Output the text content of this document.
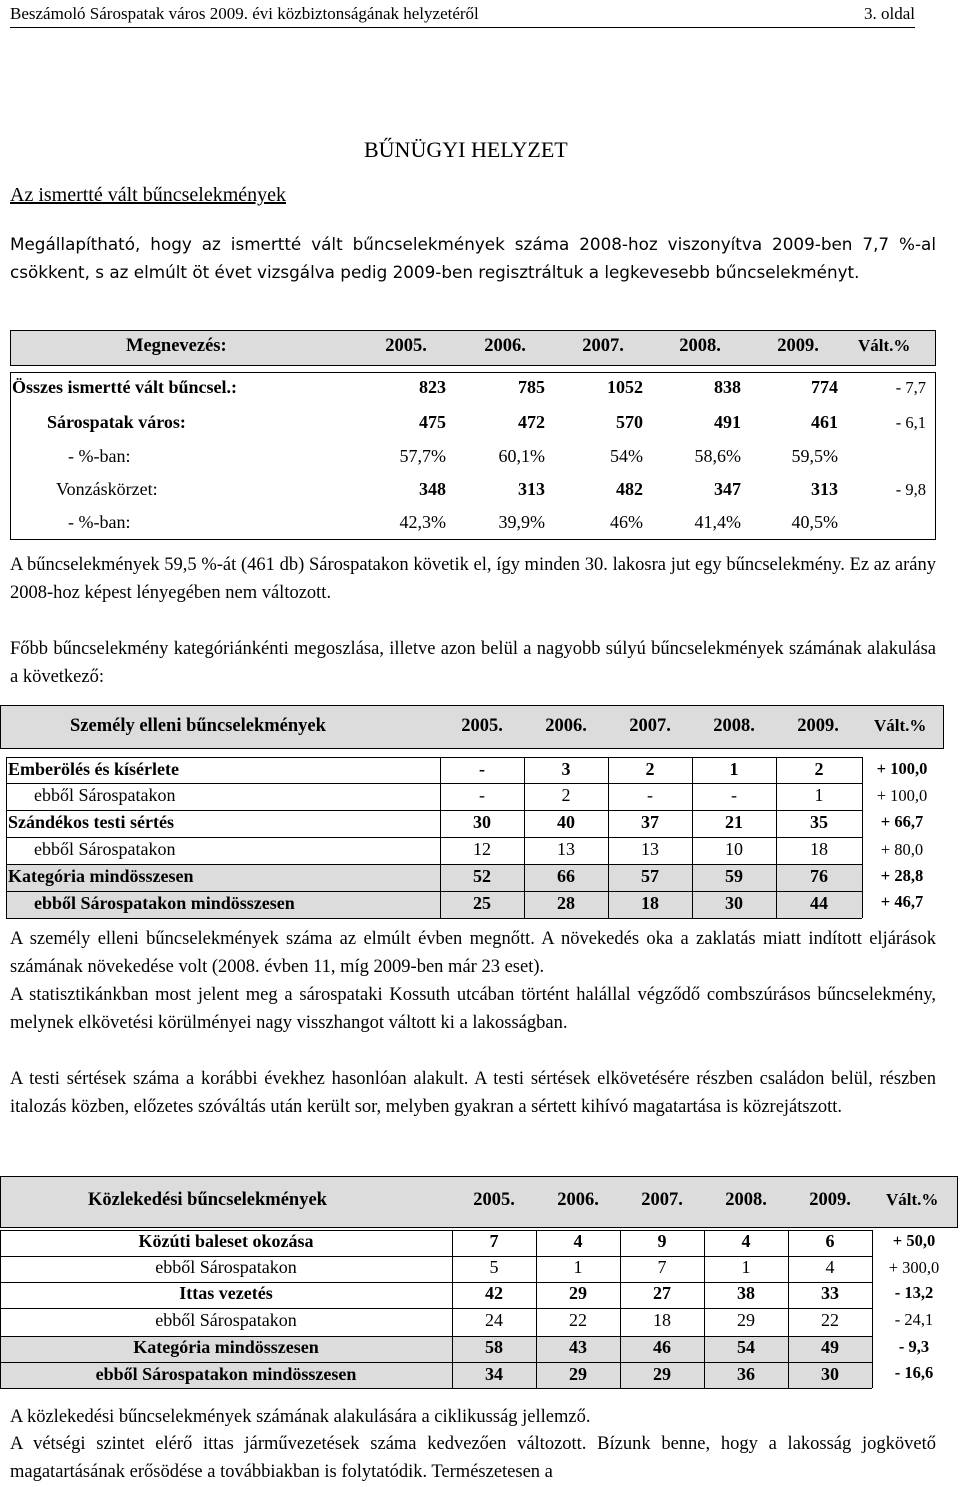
Beszámoló Sárospatak város 2009. évi közbiztonságának helyzetéről	3. oldal
BŰNÜGYI HELYZET
Az ismertté vált bűncselekmények
Megállapítható, hogy az ismertté vált bűncselekmények száma 2008-hoz viszonyítva 2009-ben 7,7 %-al csökkent, s az elmúlt öt évet vizsgálva pedig 2009-ben regisztráltuk a legkevesebb bűncselekményt.
Megnevezés:	2005.	2006.	2007.	2008.	2009.	Vált.%
Összes ismertté vált bűncsel.:	823	785	1052	838	774	- 7,7
Sárospatak város:	475	472	570	491	461	- 6,1
- %-ban:	57,7%	60,1%	54%	58,6%	59,5%
Vonzáskörzet:	348	313	482	347	313	- 9,8
- %-ban:	42,3%	39,9%	46%	41,4%	40,5%
A bűncselekmények 59,5 %-át (461 db) Sárospatakon követik el, így minden 30. lakosra jut egy bűncselekmény. Ez az arány 2008-hoz képest lényegében nem változott.
Főbb bűncselekmény kategóriánkénti megoszlása, illetve azon belül a nagyobb súlyú bűncselekmények számának alakulása a következő:
Személy elleni bűncselekmények	2005.	2006.	2007.	2008.	2009.	Vált.%
Emberölés és kísérlete	-	3	2	1	2	+ 100,0
ebből Sárospatakon	-	2	-	-	1	+ 100,0
Szándékos testi sértés	30	40	37	21	35	+ 66,7
ebből Sárospatakon	12	13	13	10	18	+ 80,0
Kategória mindösszesen	52	66	57	59	76	+ 28,8
ebből Sárospatakon mindösszesen	25	28	18	30	44	+ 46,7
A személy elleni bűncselekmények száma az elmúlt évben megnőtt. A növekedés oka a zaklatás miatt indított eljárások számának növekedése volt (2008. évben 11, míg 2009-ben már 23 eset).
A statisztikánkban most jelent meg a sárospataki Kossuth utcában történt halállal végződő combszúrásos bűncselekmény, melynek elkövetési körülményei nagy visszhangot váltott ki a lakosságban.
A testi sértések száma a korábbi évekhez hasonlóan alakult. A testi sértések elkövetésére részben családon belül, részben italozás közben, előzetes szóváltás után került sor, melyben gyakran a sértett kihívó magatartása is közrejátszott.
Közlekedési bűncselekmények	2005.	2006.	2007.	2008.	2009.	Vált.%
Közúti baleset okozása	7	4	9	4	6	+ 50,0
ebből Sárospatakon	5	1	7	1	4	+ 300,0
Ittas vezetés	42	29	27	38	33	- 13,2
ebből Sárospatakon	24	22	18	29	22	- 24,1
Kategória mindösszesen	58	43	46	54	49	- 9,3
ebből Sárospatakon mindösszesen	34	29	29	36	30	- 16,6
A közlekedési bűncselekmények számának alakulására a ciklikusság jellemző.
A vétségi szintet elérő ittas járművezetések száma kedvezően változott. Bízunk benne, hogy a lakosság jogkövető magatartásának erősödése a továbbiakban is folytatódik. Természetesen a
